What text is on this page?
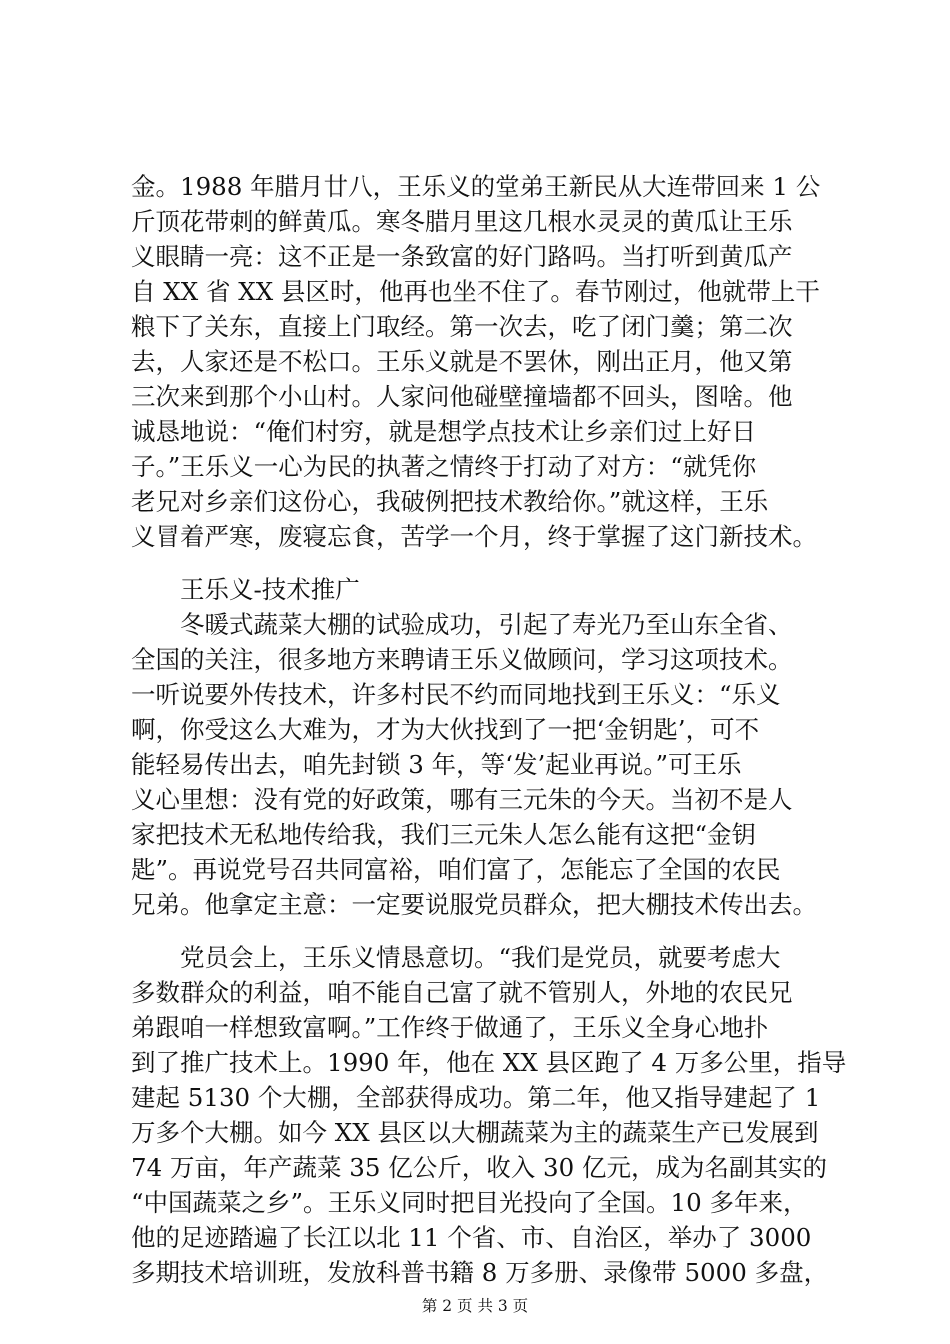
金。1988 年腊月廿八，王乐义的堂弟王新民从大连带回来 1 公
斤顶花带刺的鲜黄瓜。寒冬腊月里这几根水灵灵的黄瓜让王乐
义眼睛一亮：这不正是一条致富的好门路吗。当打听到黄瓜产
自 XX 省 XX 县区时，他再也坐不住了。春节刚过，他就带上干
粮下了关东，直接上门取经。第一次去，吃了闭门羹；第二次
去，人家还是不松口。王乐义就是不罢休，刚出正月，他又第
三次来到那个小山村。人家问他碰壁撞墙都不回头，图啥。他
诚恳地说：“俺们村穷，就是想学点技术让乡亲们过上好日
子。”王乐义一心为民的执著之情终于打动了对方：“就凭你
老兄对乡亲们这份心，我破例把技术教给你。”就这样，王乐
义冒着严寒，废寝忘食，苦学一个月，终于掌握了这门新技术。
王乐义-技术推广
冬暖式蔬菜大棚的试验成功，引起了寿光乃至山东全省、
全国的关注，很多地方来聘请王乐义做顾问，学习这项技术。
一听说要外传技术，许多村民不约而同地找到王乐义：“乐义
啊，你受这么大难为，才为大伙找到了一把‘金钥匙’，可不
能轻易传出去，咱先封锁 3 年，等‘发’起业再说。”可王乐
义心里想：没有党的好政策，哪有三元朱的今天。当初不是人
家把技术无私地传给我，我们三元朱人怎么能有这把“金钥
匙”。再说党号召共同富裕，咱们富了，怎能忘了全国的农民
兄弟。他拿定主意：一定要说服党员群众，把大棚技术传出去。
党员会上，王乐义情恳意切。“我们是党员，就要考虑大
多数群众的利益，咱不能自己富了就不管别人，外地的农民兄
弟跟咱一样想致富啊。”工作终于做通了，王乐义全身心地扑
到了推广技术上。1990 年，他在 XX 县区跑了 4 万多公里，指导
建起 5130 个大棚，全部获得成功。第二年，他又指导建起了 1
万多个大棚。如今 XX 县区以大棚蔬菜为主的蔬菜生产已发展到
74 万亩，年产蔬菜 35 亿公斤，收入 30 亿元，成为名副其实的
“中国蔬菜之乡”。王乐义同时把目光投向了全国。10 多年来，
他的足迹踏遍了长江以北 11 个省、市、自治区，举办了 3000
多期技术培训班，发放科普书籍 8 万多册、录像带 5000 多盘，
第 2 页 共 3 页
